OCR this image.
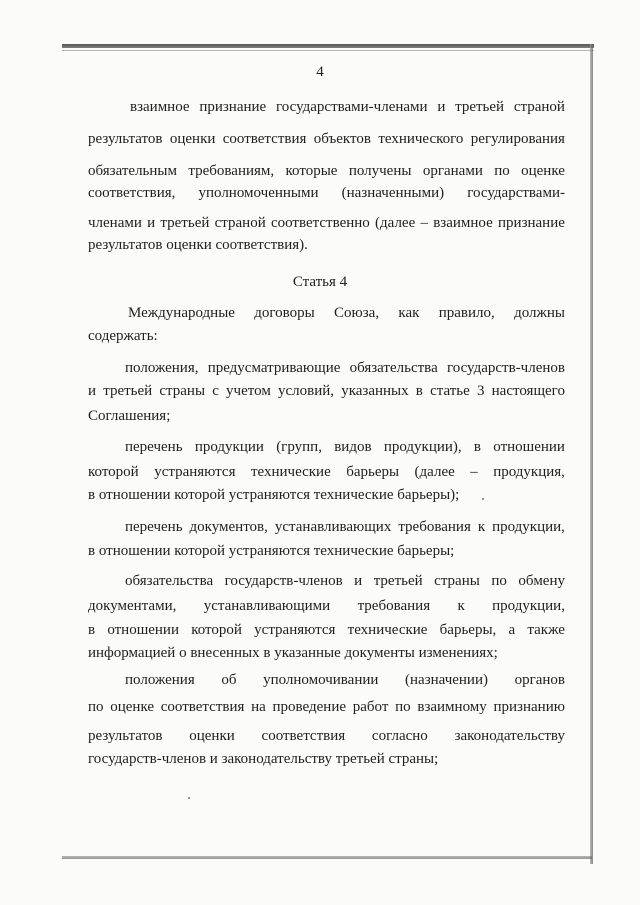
4
взаимное признание государствами-членами и третьей страной
результатов оценки соответствия объектов технического регулирования
обязательным требованиям, которые получены органами по оценке
соответствия, уполномоченными (назначенными) государствами-
членами и третьей страной соответственно (далее – взаимное признание
результатов оценки соответствия).
Статья 4
Международные договоры Союза, как правило, должны
содержать:
положения, предусматривающие обязательства государств-членов
и третьей страны с учетом условий, указанных в статье 3 настоящего
Соглашения;
перечень продукции (групп, видов продукции), в отношении
которой устраняются технические барьеры (далее – продукция,
в отношении которой устраняются технические барьеры);
перечень документов, устанавливающих требования к продукции,
в отношении которой устраняются технические барьеры;
обязательства государств-членов и третьей страны по обмену
документами, устанавливающими требования к продукции,
в отношении которой устраняются технические барьеры, а также
информацией о внесенных в указанные документы изменениях;
положения об уполномочивании (назначении) органов
по оценке соответствия на проведение работ по взаимному признанию
результатов оценки соответствия согласно законодательству
государств-членов и законодательству третьей страны;
